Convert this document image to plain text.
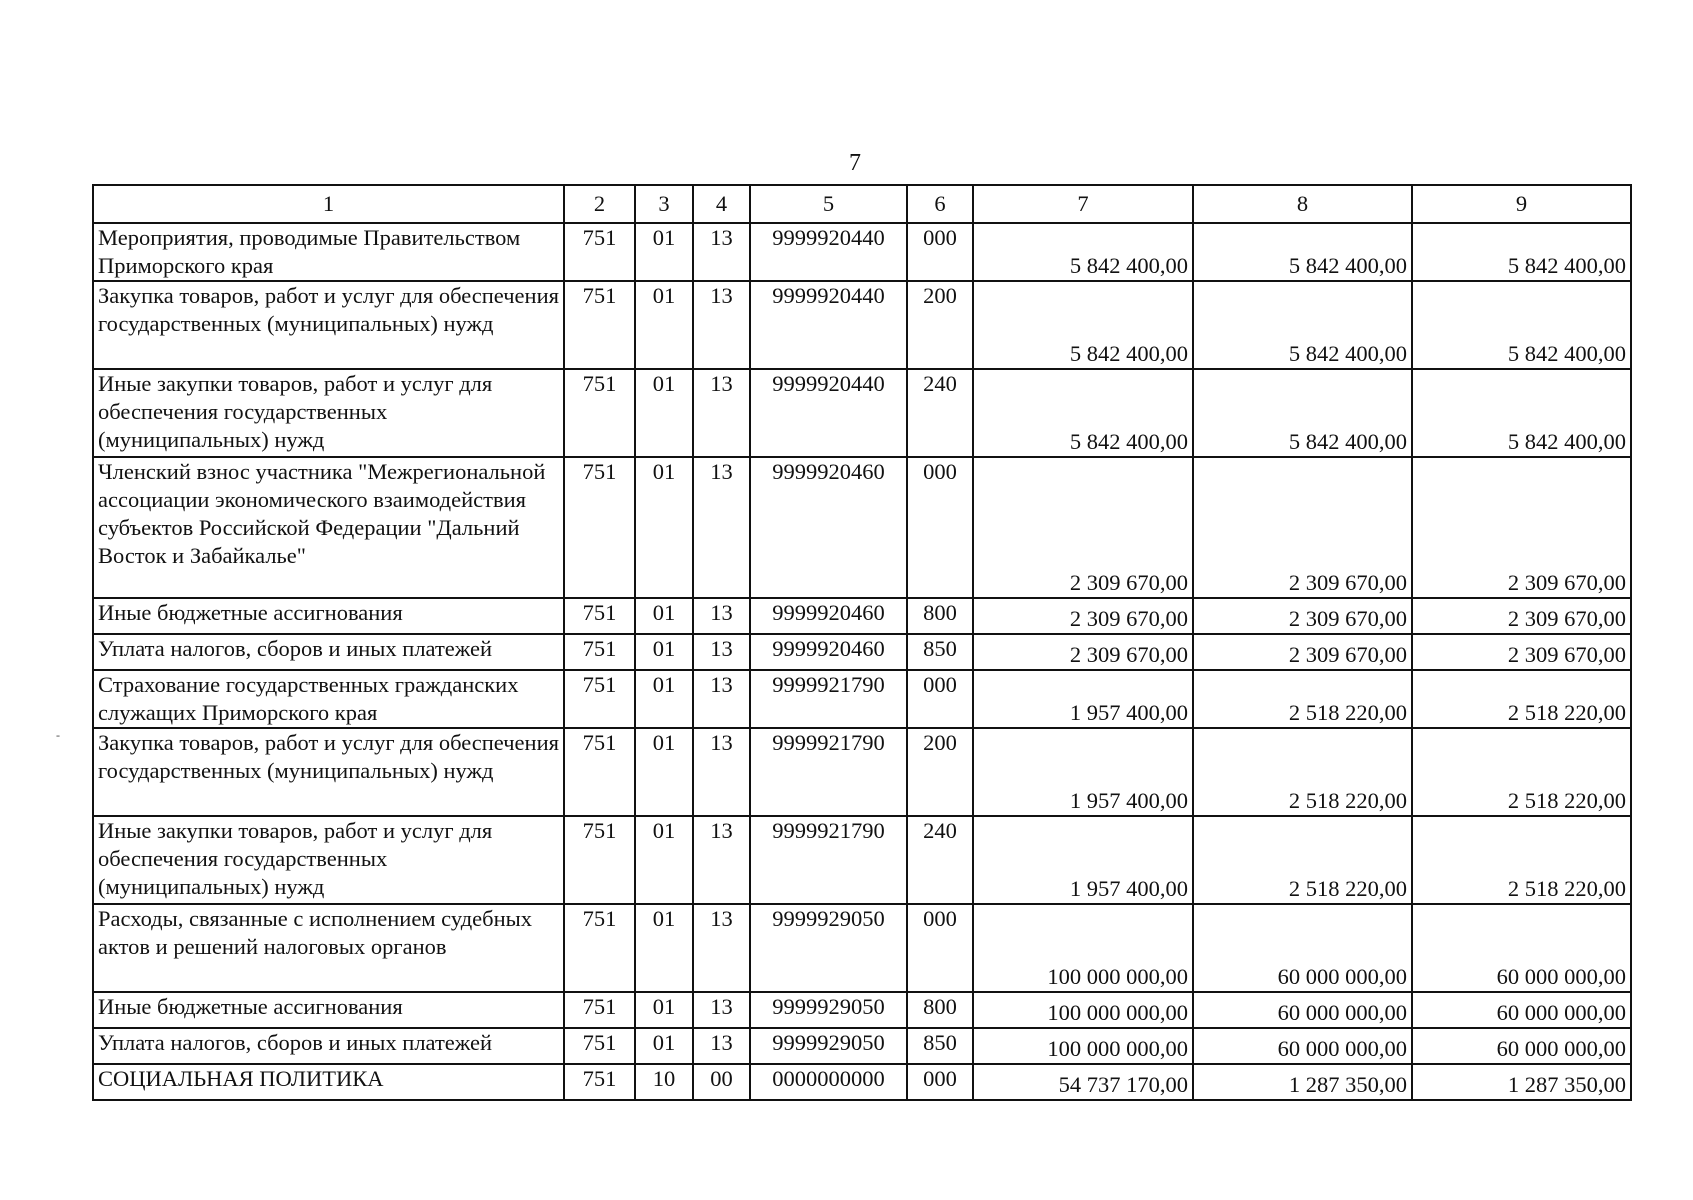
7
-
1	2	3	4	5	6	7	8	9
Мероприятия, проводимые Правительством Приморского края	751	01	13	9999920440	000	5 842 400,00	5 842 400,00	5 842 400,00
Закупка товаров, работ и услуг для обеспечения государственных (муниципальных) нужд	751	01	13	9999920440	200	5 842 400,00	5 842 400,00	5 842 400,00
Иные закупки товаров, работ и услуг для обеспечения государственных (муниципальных) нужд	751	01	13	9999920440	240	5 842 400,00	5 842 400,00	5 842 400,00
Членский взнос участника "Межрегиональной ассоциации экономического взаимодействия субъектов Российской Федерации "Дальний Восток и Забайкалье"	751	01	13	9999920460	000	2 309 670,00	2 309 670,00	2 309 670,00
Иные бюджетные ассигнования	751	01	13	9999920460	800	2 309 670,00	2 309 670,00	2 309 670,00
Уплата налогов, сборов и иных платежей	751	01	13	9999920460	850	2 309 670,00	2 309 670,00	2 309 670,00
Страхование государственных гражданских служащих Приморского края	751	01	13	9999921790	000	1 957 400,00	2 518 220,00	2 518 220,00
Закупка товаров, работ и услуг для обеспечения государственных (муниципальных) нужд	751	01	13	9999921790	200	1 957 400,00	2 518 220,00	2 518 220,00
Иные закупки товаров, работ и услуг для обеспечения государственных (муниципальных) нужд	751	01	13	9999921790	240	1 957 400,00	2 518 220,00	2 518 220,00
Расходы, связанные с исполнением судебных актов и решений налоговых органов	751	01	13	9999929050	000	100 000 000,00	60 000 000,00	60 000 000,00
Иные бюджетные ассигнования	751	01	13	9999929050	800	100 000 000,00	60 000 000,00	60 000 000,00
Уплата налогов, сборов и иных платежей	751	01	13	9999929050	850	100 000 000,00	60 000 000,00	60 000 000,00
СОЦИАЛЬНАЯ ПОЛИТИКА	751	10	00	0000000000	000	54 737 170,00	1 287 350,00	1 287 350,00
